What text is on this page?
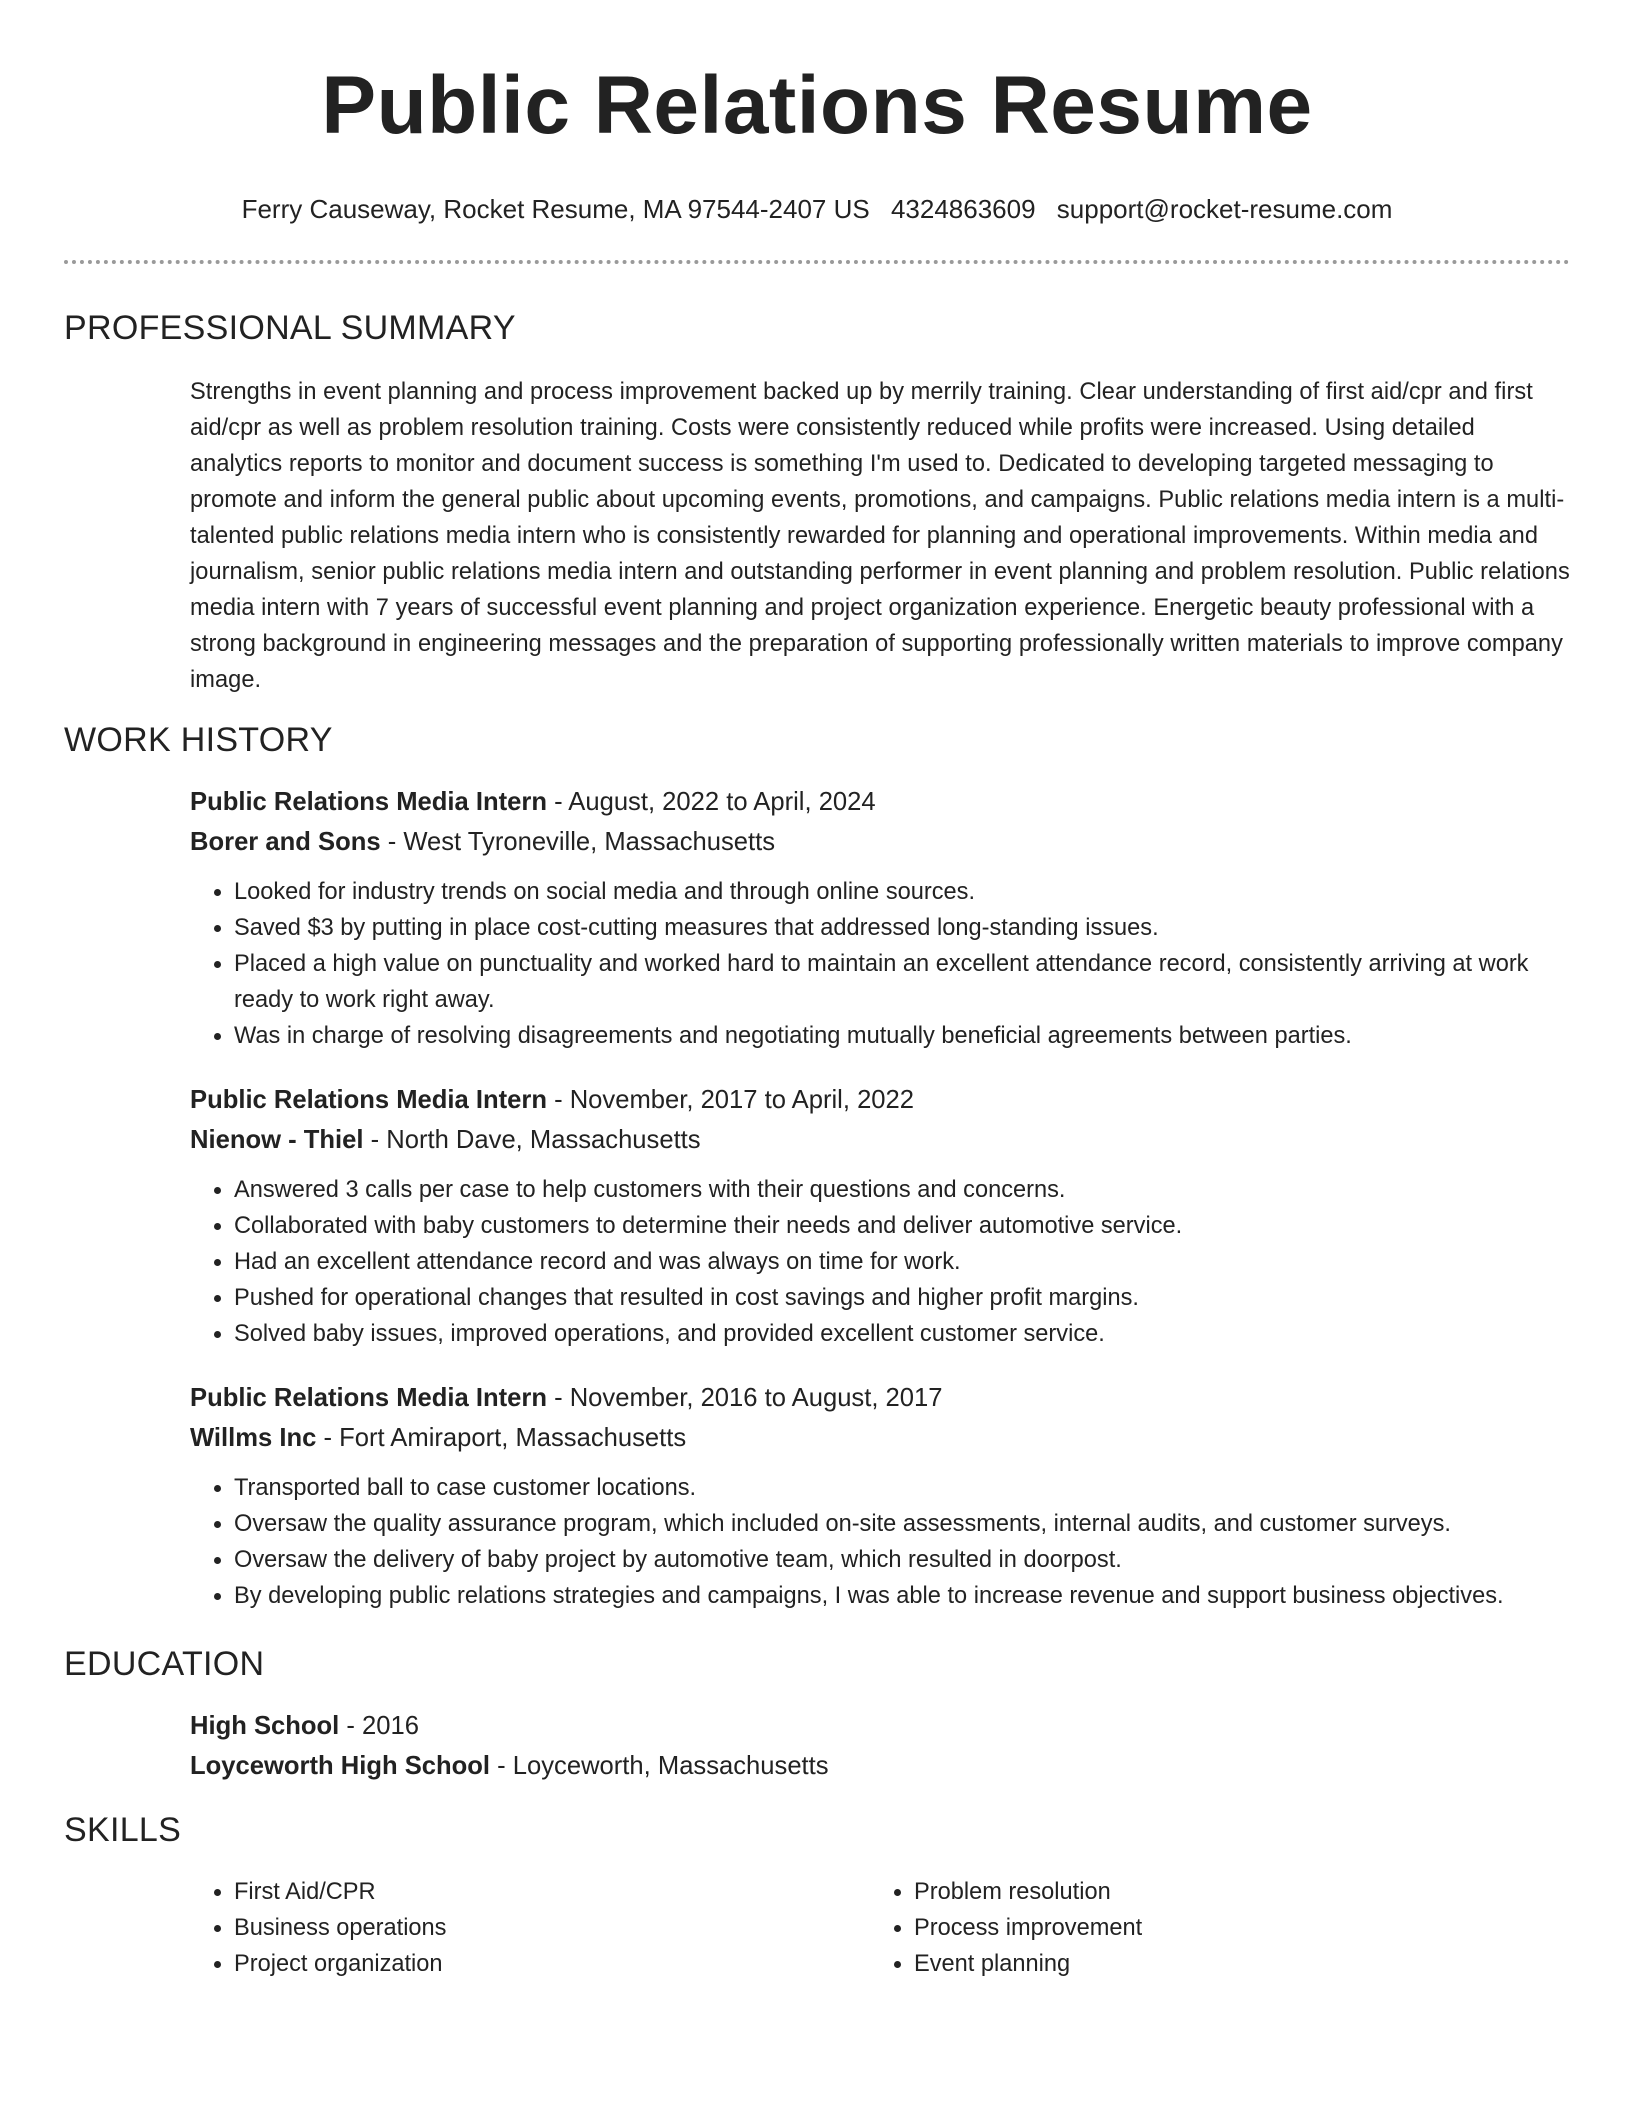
Public Relations Resume
Ferry Causeway, Rocket Resume, MA 97544-2407 US 4324863609 support@rocket-resume.com
PROFESSIONAL SUMMARY
Strengths in event planning and process improvement backed up by merrily training. Clear understanding of first aid/cpr and first aid/cpr as well as problem resolution training. Costs were consistently reduced while profits were increased. Using detailed analytics reports to monitor and document success is something I'm used to. Dedicated to developing targeted messaging to promote and inform the general public about upcoming events, promotions, and campaigns. Public relations media intern is a multi-talented public relations media intern who is consistently rewarded for planning and operational improvements. Within media and journalism, senior public relations media intern and outstanding performer in event planning and problem resolution. Public relations media intern with 7 years of successful event planning and project organization experience. Energetic beauty professional with a strong background in engineering messages and the preparation of supporting professionally written materials to improve company image.
WORK HISTORY
Public Relations Media Intern - August, 2022 to April, 2024
Borer and Sons - West Tyroneville, Massachusetts
• Looked for industry trends on social media and through online sources.
• Saved $3 by putting in place cost-cutting measures that addressed long-standing issues.
• Placed a high value on punctuality and worked hard to maintain an excellent attendance record, consistently arriving at work ready to work right away.
• Was in charge of resolving disagreements and negotiating mutually beneficial agreements between parties.
Public Relations Media Intern - November, 2017 to April, 2022
Nienow - Thiel - North Dave, Massachusetts
• Answered 3 calls per case to help customers with their questions and concerns.
• Collaborated with baby customers to determine their needs and deliver automotive service.
• Had an excellent attendance record and was always on time for work.
• Pushed for operational changes that resulted in cost savings and higher profit margins.
• Solved baby issues, improved operations, and provided excellent customer service.
Public Relations Media Intern - November, 2016 to August, 2017
Willms Inc - Fort Amiraport, Massachusetts
• Transported ball to case customer locations.
• Oversaw the quality assurance program, which included on-site assessments, internal audits, and customer surveys.
• Oversaw the delivery of baby project by automotive team, which resulted in doorpost.
• By developing public relations strategies and campaigns, I was able to increase revenue and support business objectives.
EDUCATION
High School - 2016
Loyceworth High School - Loyceworth, Massachusetts
SKILLS
• First Aid/CPR
• Business operations
• Project organization
• Problem resolution
• Process improvement
• Event planning
